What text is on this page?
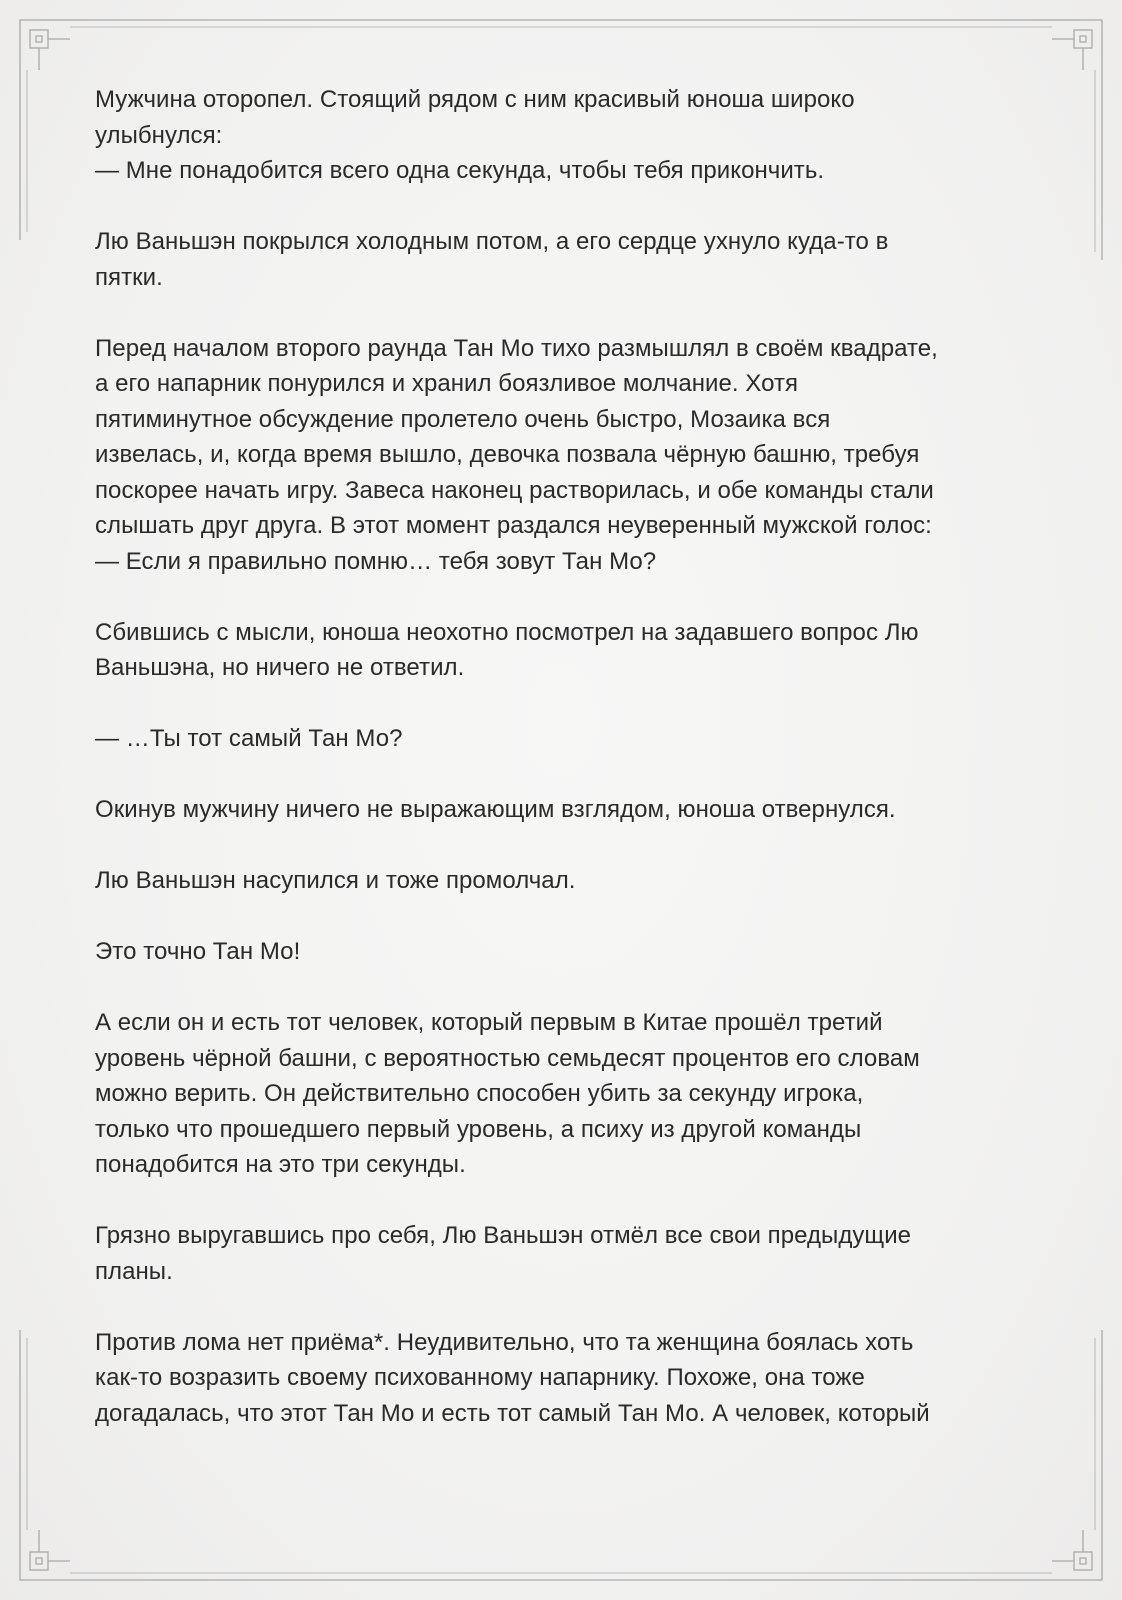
Мужчина оторопел. Стоящий рядом с ним красивый юноша широко
улыбнулся:
— Мне понадобится всего одна секунда, чтобы тебя прикончить.

Лю Ваньшэн покрылся холодным потом, а его сердце ухнуло куда-то в
пятки.

Перед началом второго раунда Тан Мо тихо размышлял в своём квадрате,
а его напарник понурился и хранил боязливое молчание. Хотя
пятиминутное обсуждение пролетело очень быстро, Мозаика вся
извелась, и, когда время вышло, девочка позвала чёрную башню, требуя
поскорее начать игру. Завеса наконец растворилась, и обе команды стали
слышать друг друга. В этот момент раздался неуверенный мужской голос:
— Если я правильно помню… тебя зовут Тан Мо?

Сбившись с мысли, юноша неохотно посмотрел на задавшего вопрос Лю
Ваньшэна, но ничего не ответил.

— …Ты тот самый Тан Мо?

Окинув мужчину ничего не выражающим взглядом, юноша отвернулся.

Лю Ваньшэн насупился и тоже промолчал.

Это точно Тан Мо!

А если он и есть тот человек, который первым в Китае прошёл третий
уровень чёрной башни, с вероятностью семьдесят процентов его словам
можно верить. Он действительно способен убить за секунду игрока,
только что прошедшего первый уровень, а психу из другой команды
понадобится на это три секунды.

Грязно выругавшись про себя, Лю Ваньшэн отмёл все свои предыдущие
планы.

Против лома нет приёма*. Неудивительно, что та женщина боялась хоть
как-то возразить своему психованному напарнику. Похоже, она тоже
догадалась, что этот Тан Мо и есть тот самый Тан Мо. А человек, который
